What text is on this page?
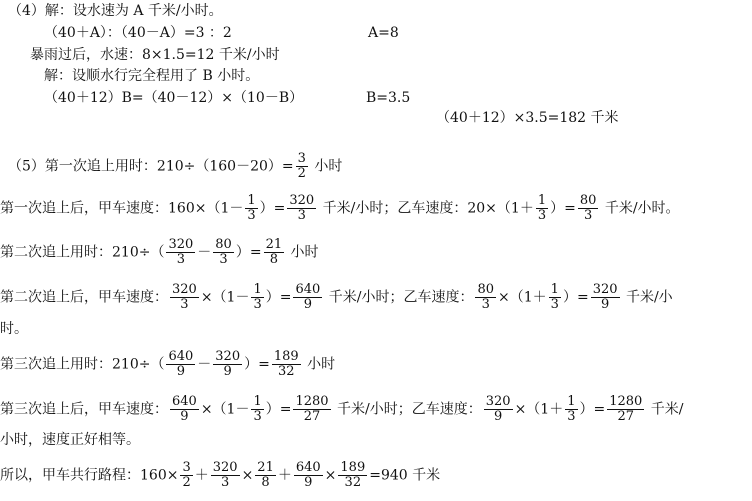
（4）解：设水速为 A 千米/小时。
（40＋A）：（40－A）=3 ：2	A=8
暴雨过后，水速：8×1.5=12 千米/小时
解：设顺水行完全程用了 B 小时。
（40＋12）B=（40－12）×（10－B）	B=3.5
（40＋12）×3.5=182 千米
（5）第一次追上用时：$210\div(160-20)= \frac{3}{2}$ 小时
第一次追上后，甲车速度：$160\times(1- \frac{1}{3}$ ）= $\frac{320}{3}$ 千米/小时；乙车速度：$20\times(1+ \frac{1}{3}$ ）= $\frac{80}{3}$ 千米/小时。
第二次追上用时：$210\div( \frac{320}{3} - \frac{80}{3}$ ）= $\frac{21}{8}$ 小时
第二次追上后，甲车速度： $\frac{320}{3} \times(1- \frac{1}{3}$ ）= $\frac{640}{9}$ 千米/小时；乙车速度： $\frac{80}{3} \times(1+ \frac{1}{3}$ ）= $\frac{320}{9}$ 千米/小
时。
第三次追上用时：$210\div( \frac{640}{9} - \frac{320}{9}$ ）= $\frac{189}{32}$ 小时
第三次追上后，甲车速度： $\frac{640}{9} \times(1- \frac{1}{3}$ ）= $\frac{1280}{27}$ 千米/小时；乙车速度： $\frac{320}{9} \times(1+ \frac{1}{3}$ ）= $\frac{1280}{27}$ 千米/
小时，速度正好相等。
所以，甲车共行路程：$160\times \frac{3}{2} + \frac{320}{3} \times \frac{21}{8} + \frac{640}{9} \times \frac{189}{32} =940$ 千米
